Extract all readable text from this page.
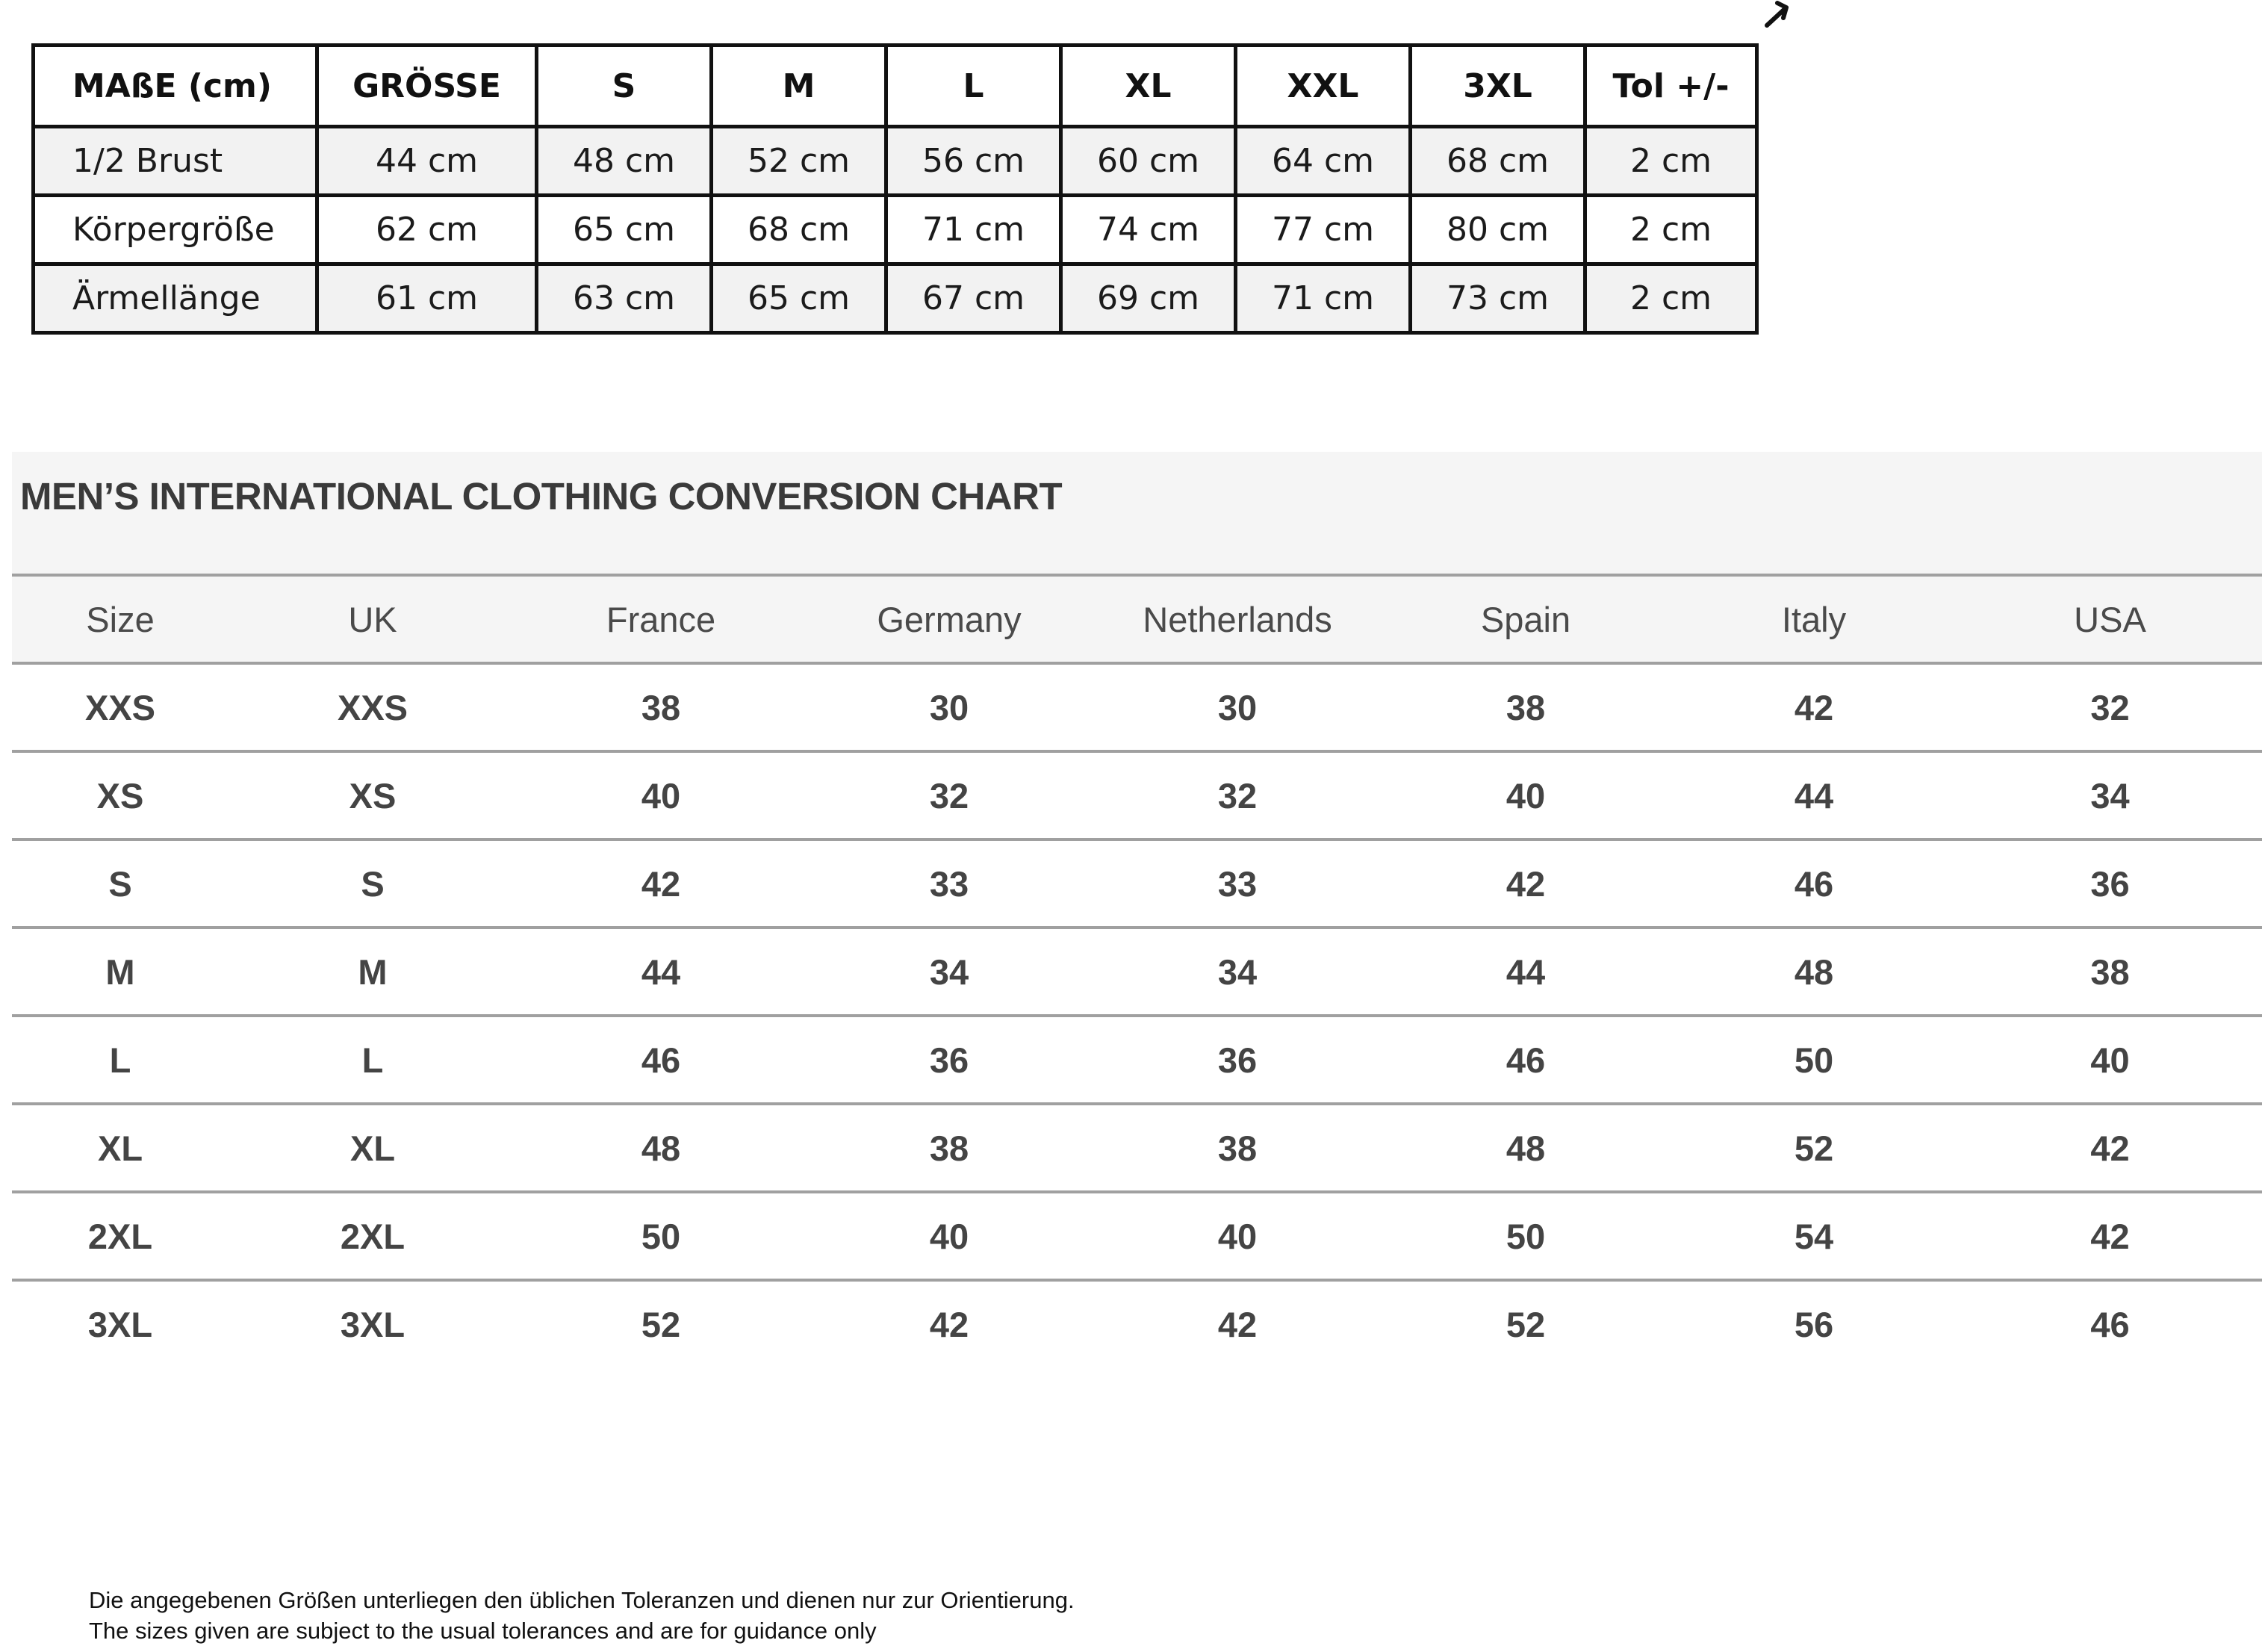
MAßE (cm)	GRÖSSE	S	M	L	XL	XXL	3XL	Tol +/-
1/2 Brust	44 cm	48 cm	52 cm	56 cm	60 cm	64 cm	68 cm	2 cm
Körpergröße	62 cm	65 cm	68 cm	71 cm	74 cm	77 cm	80 cm	2 cm
Ärmellänge	61 cm	63 cm	65 cm	67 cm	69 cm	71 cm	73 cm	2 cm
MEN’S INTERNATIONAL CLOTHING CONVERSION CHART
Size	UK	France	Germany	Netherlands	Spain	Italy	USA
XXS	XXS	38	30	30	38	42	32
XS	XS	40	32	32	40	44	34
S	S	42	33	33	42	46	36
M	M	44	34	34	44	48	38
L	L	46	36	36	46	50	40
XL	XL	48	38	38	48	52	42
2XL	2XL	50	40	40	50	54	42
3XL	3XL	52	42	42	52	56	46
Die angegebenen Größen unterliegen den üblichen Toleranzen und dienen nur zur Orientierung.
The sizes given are subject to the usual tolerances and are for guidance only
